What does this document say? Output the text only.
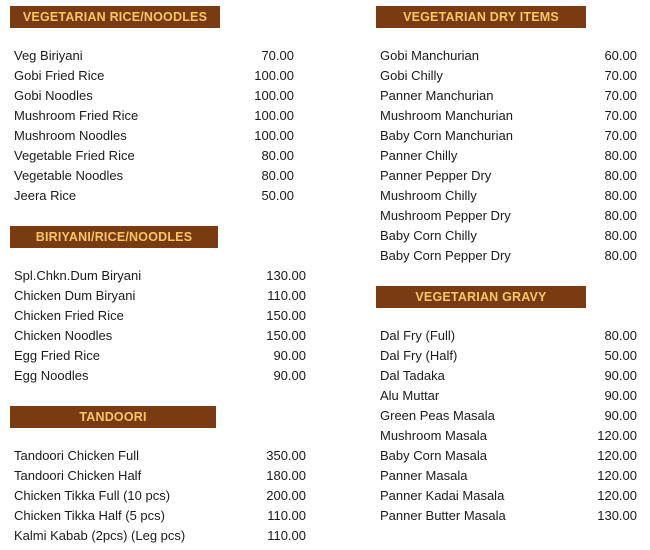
VEGETARIAN RICE/NOODLES
Veg Biriyani	70.00
Gobi Fried Rice	100.00
Gobi Noodles	100.00
Mushroom Fried Rice	100.00
Mushroom Noodles	100.00
Vegetable Fried Rice	80.00
Vegetable Noodles	80.00
Jeera Rice	50.00
BIRIYANI/RICE/NOODLES
Spl.Chkn.Dum Biryani	130.00
Chicken Dum Biryani	110.00
Chicken Fried Rice	150.00
Chicken Noodles	150.00
Egg Fried Rice	90.00
Egg Noodles	90.00
TANDOORI
Tandoori Chicken Full	350.00
Tandoori Chicken Half	180.00
Chicken Tikka Full (10 pcs)	200.00
Chicken Tikka Half (5 pcs)	110.00
Kalmi Kabab (2pcs) (Leg pcs)	110.00
VEGETARIAN DRY ITEMS
Gobi Manchurian	60.00
Gobi Chilly	70.00
Panner Manchurian	70.00
Mushroom Manchurian	70.00
Baby Corn Manchurian	70.00
Panner Chilly	80.00
Panner Pepper Dry	80.00
Mushroom Chilly	80.00
Mushroom Pepper Dry	80.00
Baby Corn Chilly	80.00
Baby Corn Pepper Dry	80.00
VEGETARIAN GRAVY
Dal Fry (Full)	80.00
Dal Fry (Half)	50.00
Dal Tadaka	90.00
Alu Muttar	90.00
Green Peas Masala	90.00
Mushroom Masala	120.00
Baby Corn Masala	120.00
Panner Masala	120.00
Panner Kadai Masala	120.00
Panner Butter Masala	130.00
